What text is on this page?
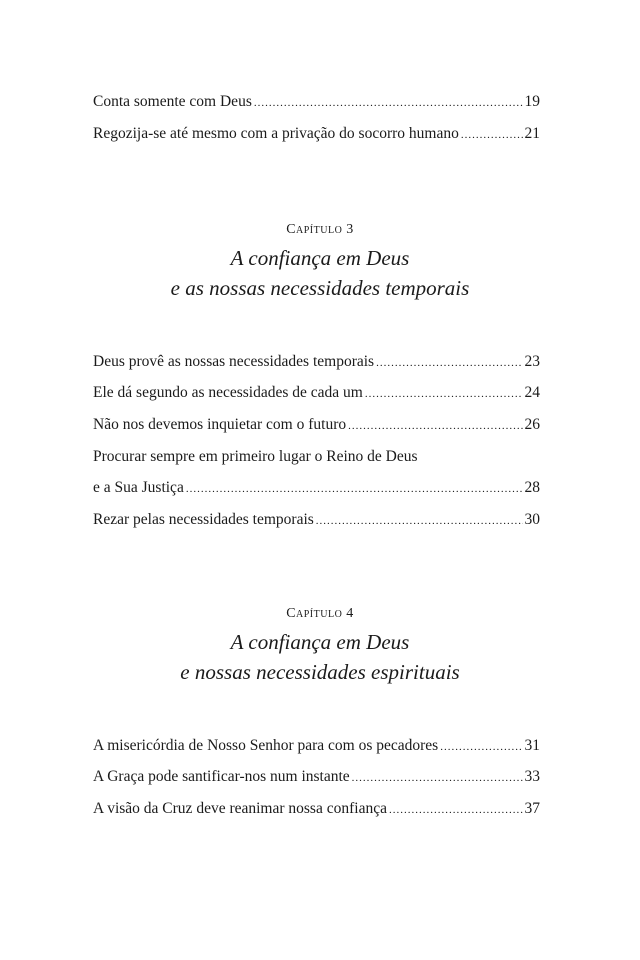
Conta somente com Deus .....	19
Regozija-se até mesmo com a privação do socorro humano .....	21
Capítulo 3
A confiança em Deus
e as nossas necessidades temporais
Deus provê as nossas necessidades temporais .....	23
Ele dá segundo as necessidades de cada um .....	24
Não nos devemos inquietar com o futuro .....	26
Procurar sempre em primeiro lugar o Reino de Deus
e a Sua Justiça .....	28
Rezar pelas necessidades temporais .....	30
Capítulo 4
A confiança em Deus
e nossas necessidades espirituais
A misericórdia de Nosso Senhor para com os pecadores .....	31
A Graça pode santificar-nos num instante .....	33
A visão da Cruz deve reanimar nossa confiança .....	37
